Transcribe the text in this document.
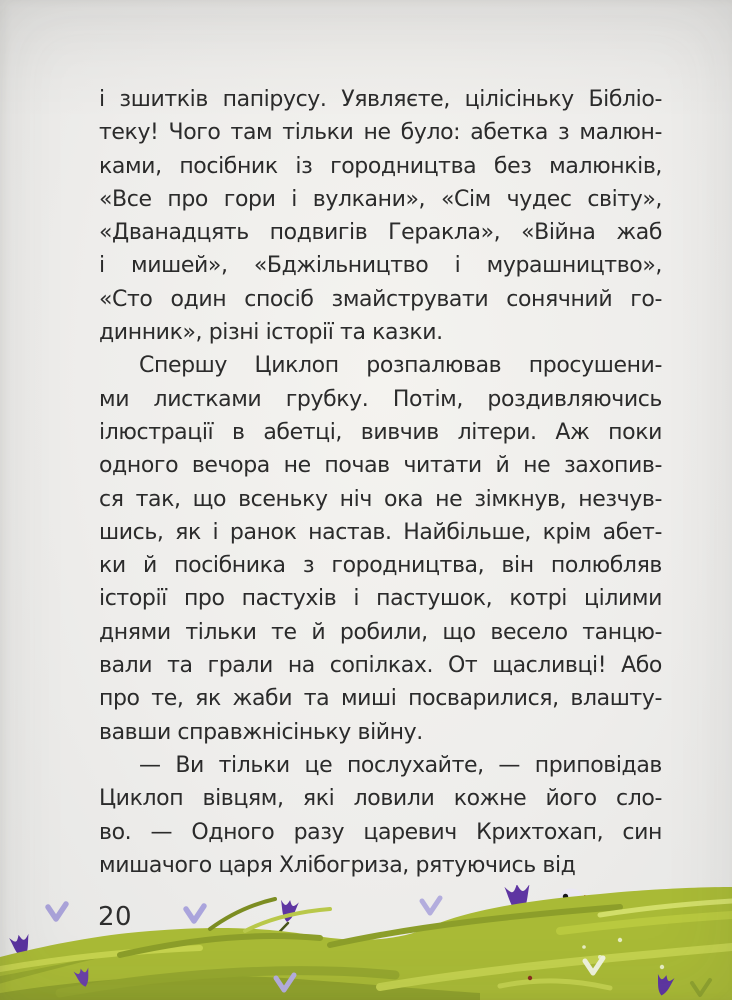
і зшитків папірусу. Уявляєте, цілісіньку Бібліо-
теку! Чого там тільки не було: абетка з малюн-
ками, посібник із городництва без малюнків,
«Все про гори і вулкани», «Сім чудес світу»,
«Дванадцять подвигів Геракла», «Війна жаб
і мишей», «Бджільництво і мурашництво»,
«Сто один спосіб змайструвати сонячний го-
динник», різні історії та казки.
Спершу Циклоп розпалював просушени-
ми листками грубку. Потім, роздивляючись
ілюстрації в абетці, вивчив літери. Аж поки
одного вечора не почав читати й не захопив-
ся так, що всеньку ніч ока не зімкнув, незчув-
шись, як і ранок настав. Найбільше, крім абет-
ки й посібника з городництва, він полюбляв
історії про пастухів і пастушок, котрі цілими
днями тільки те й робили, що весело танцю-
вали та грали на сопілках. От щасливці! Або
про те, як жаби та миші посварилися, влашту-
вавши справжнісіньку війну.
— Ви тільки це послухайте, — приповідав
Циклоп вівцям, які ловили кожне його сло-
во. — Одного разу царевич Крихтохап, син
мишачого царя Хлібогриза, рятуючись від
20
